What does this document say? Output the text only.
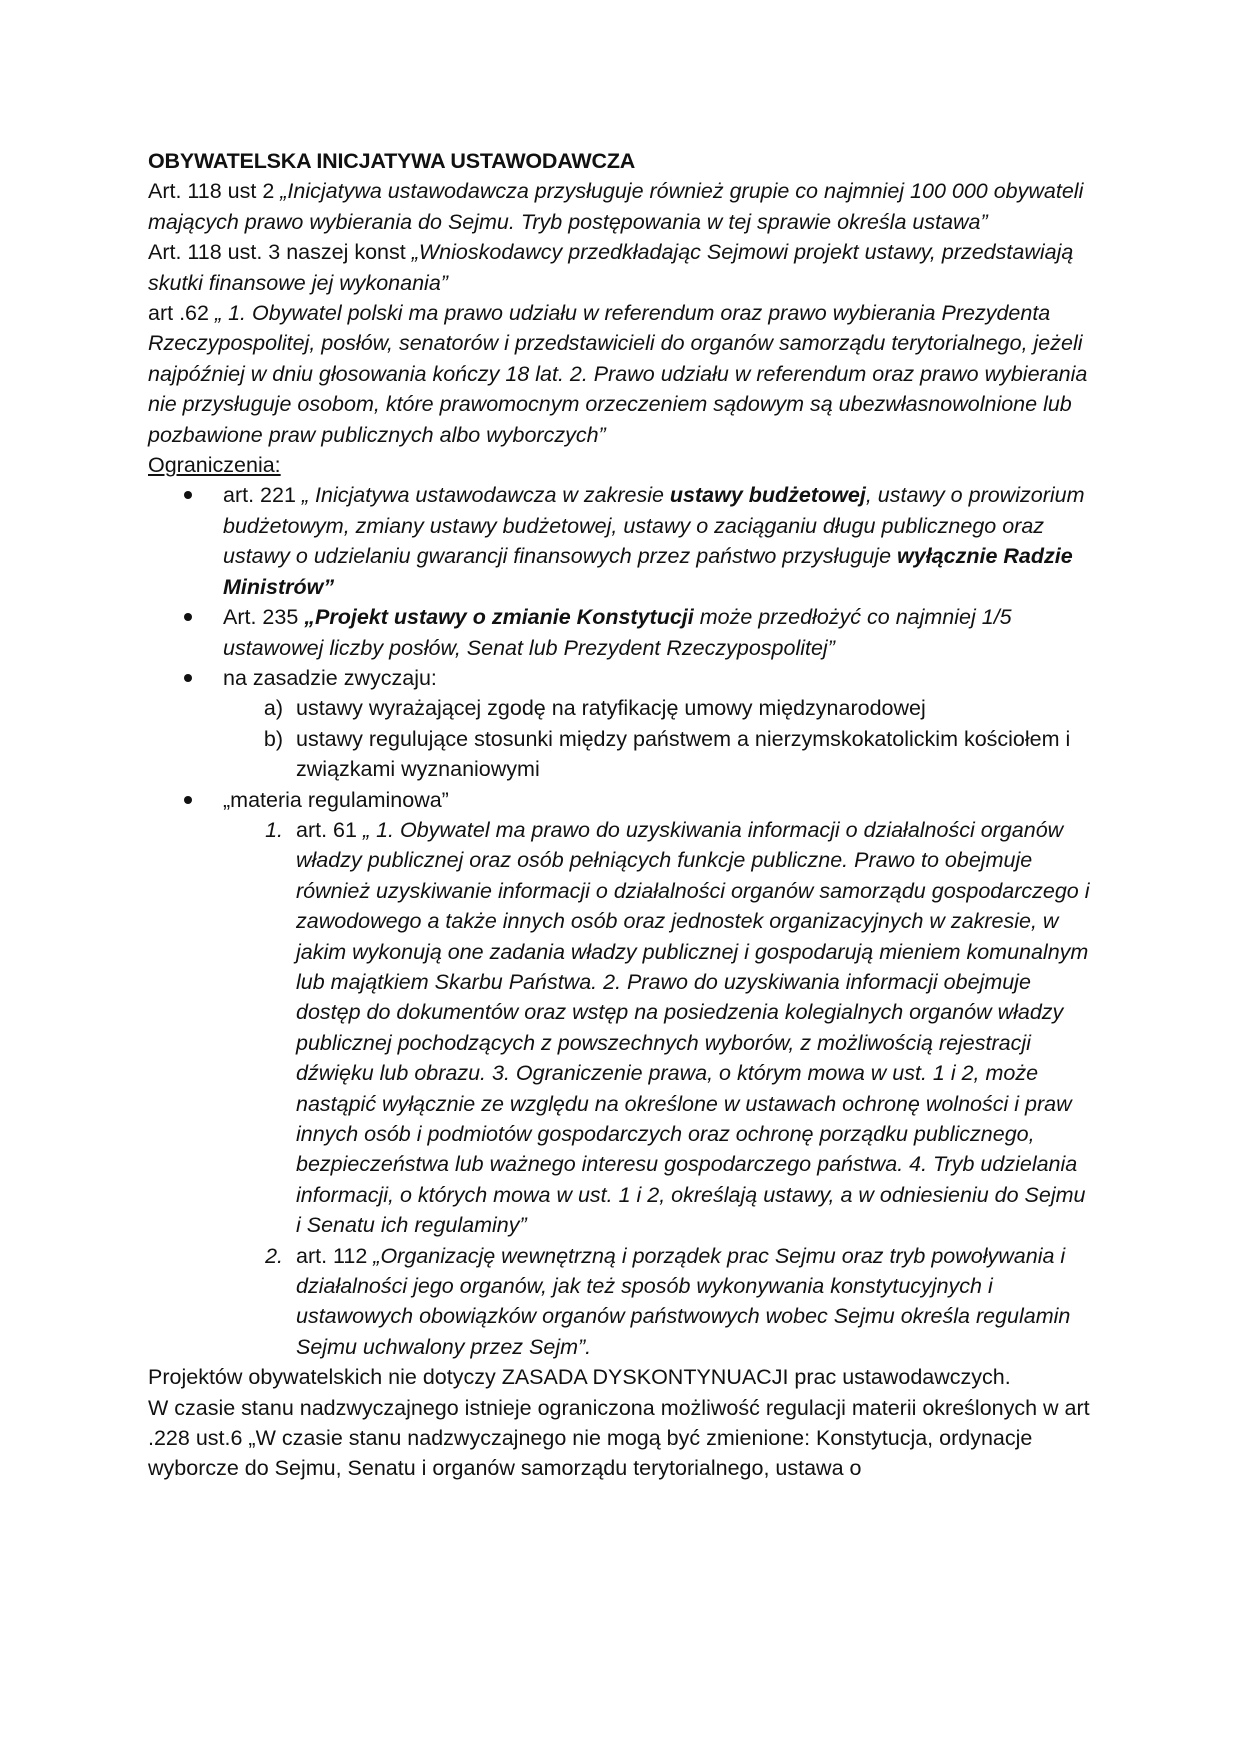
OBYWATELSKA INICJATYWA USTAWODAWCZA

Art. 118 ust 2 „Inicjatywa ustawodawcza przysługuje również grupie co najmniej 100 000 obywateli mających prawo wybierania do Sejmu. Tryb postępowania w tej sprawie określa ustawa”

Art. 118 ust. 3 naszej konst „Wnioskodawcy przedkładając Sejmowi projekt ustawy, przedstawiają skutki finansowe jej wykonania”

art .62 „ 1. Obywatel polski ma prawo udziału w referendum oraz prawo wybierania Prezydenta Rzeczypospolitej, posłów, senatorów i przedstawicieli do organów samorządu terytorialnego, jeżeli najpóźniej w dniu głosowania kończy 18 lat. 2. Prawo udziału w referendum oraz prawo wybierania nie przysługuje osobom, które prawomocnym orzeczeniem sądowym są ubezwłasnowolnione lub pozbawione praw publicznych albo wyborczych”

Ograniczenia:

art. 221 „ Inicjatywa ustawodawcza w zakresie ustawy budżetowej, ustawy o prowizorium budżetowym, zmiany ustawy budżetowej, ustawy o zaciąganiu długu publicznego oraz ustawy o udzielaniu gwarancji finansowych przez państwo przysługuje wyłącznie Radzie Ministrów”
Art. 235 „Projekt ustawy o zmianie Konstytucji może przedłożyć co najmniej 1/5 ustawowej liczby posłów, Senat lub Prezydent Rzeczypospolitej”
na zasadzie zwyczaju:
a) ustawy wyrażającej zgodę na ratyfikację umowy międzynarodowej
b) ustawy regulujące stosunki między państwem a nierzymskokatolickim kościołem i związkami wyznaniowymi
„materia regulaminowa”
1. art. 61 „ 1. Obywatel ma prawo do uzyskiwania informacji o działalności organów władzy publicznej oraz osób pełniących funkcje publiczne. Prawo to obejmuje również uzyskiwanie informacji o działalności organów samorządu gospodarczego i zawodowego a także innych osób oraz jednostek organizacyjnych w zakresie, w jakim wykonują one zadania władzy publicznej i gospodarują mieniem komunalnym lub majątkiem Skarbu Państwa. 2. Prawo do uzyskiwania informacji obejmuje dostęp do dokumentów oraz wstęp na posiedzenia kolegialnych organów władzy publicznej pochodzących z powszechnych wyborów, z możliwością rejestracji dźwięku lub obrazu. 3. Ograniczenie prawa, o którym mowa w ust. 1 i 2, może nastąpić wyłącznie ze względu na określone w ustawach ochronę wolności i praw innych osób i podmiotów gospodarczych oraz ochronę porządku publicznego, bezpieczeństwa lub ważnego interesu gospodarczego państwa. 4. Tryb udzielania informacji, o których mowa w ust. 1 i 2, określają ustawy, a w odniesieniu do Sejmu i Senatu ich regulaminy”
2. art. 112 „Organizację wewnętrzną i porządek prac Sejmu oraz tryb powoływania i działalności jego organów, jak też sposób wykonywania konstytucyjnych i ustawowych obowiązków organów państwowych wobec Sejmu określa regulamin Sejmu uchwalony przez Sejm”.

Projektów obywatelskich nie dotyczy ZASADA DYSKONTYNUACJI prac ustawodawczych.

W czasie stanu nadzwyczajnego istnieje ograniczona możliwość regulacji materii określonych w art .228 ust.6 „W czasie stanu nadzwyczajnego nie mogą być zmienione: Konstytucja, ordynacje wyborcze do Sejmu, Senatu i organów samorządu terytorialnego, ustawa o
